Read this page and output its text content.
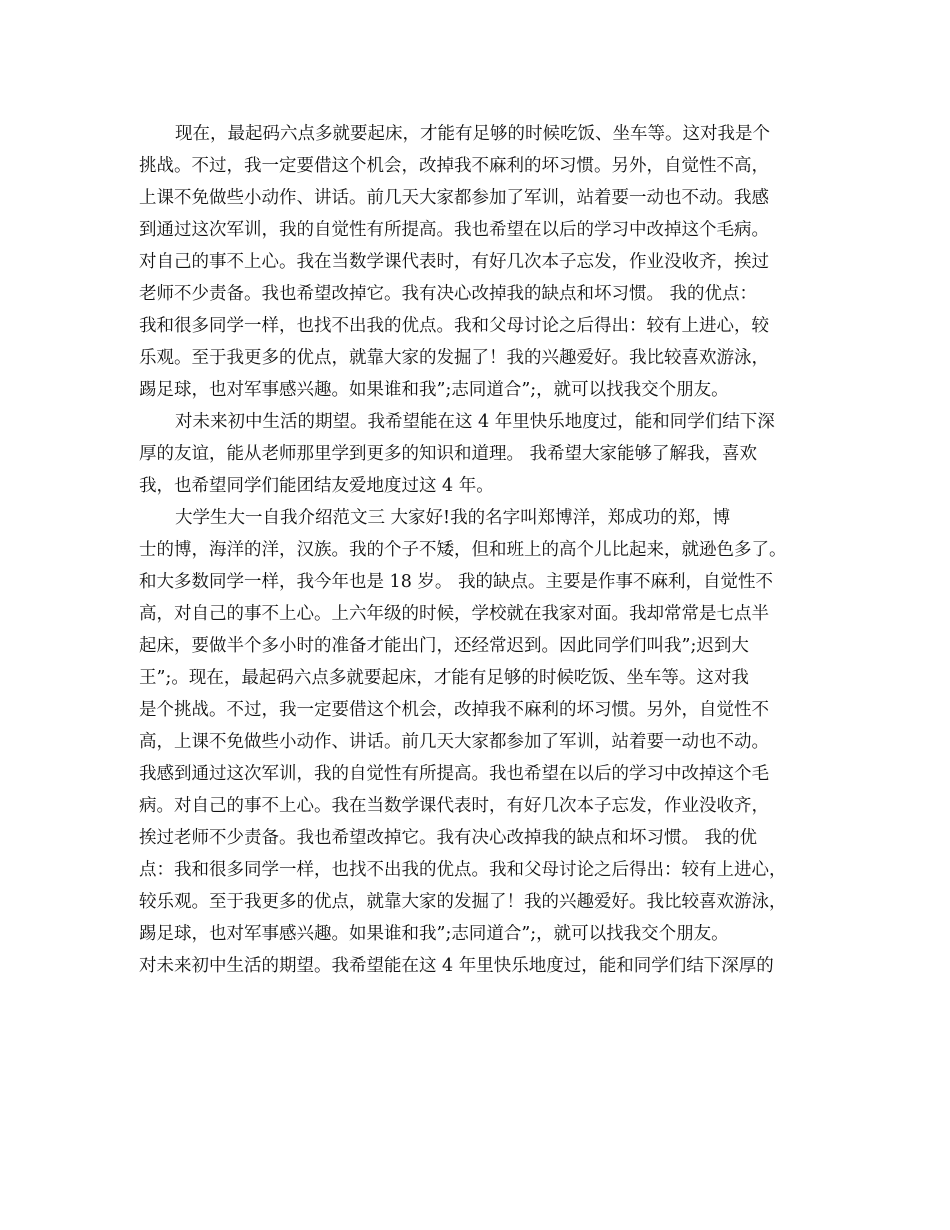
现在，最起码六点多就要起床，才能有足够的时候吃饭、坐车等。这对我是个
挑战。不过，我一定要借这个机会，改掉我不麻利的坏习惯。另外，自觉性不高，
上课不免做些小动作、讲话。前几天大家都参加了军训，站着要一动也不动。我感
到通过这次军训，我的自觉性有所提高。我也希望在以后的学习中改掉这个毛病。
对自己的事不上心。我在当数学课代表时，有好几次本子忘发，作业没收齐，挨过
老师不少责备。我也希望改掉它。我有决心改掉我的缺点和坏习惯。 我的优点：
我和很多同学一样，也找不出我的优点。我和父母讨论之后得出：较有上进心，较
乐观。至于我更多的优点，就靠大家的发掘了！我的兴趣爱好。我比较喜欢游泳，
踢足球，也对军事感兴趣。如果谁和我”;志同道合”;，就可以找我交个朋友。
对未来初中生活的期望。我希望能在这 4 年里快乐地度过，能和同学们结下深
厚的友谊，能从老师那里学到更多的知识和道理。 我希望大家能够了解我，喜欢
我，也希望同学们能团结友爱地度过这 4 年。
大学生大一自我介绍范文三 大家好!我的名字叫郑博洋，郑成功的郑，博
士的博，海洋的洋，汉族。我的个子不矮，但和班上的高个儿比起来，就逊色多了。
和大多数同学一样，我今年也是 18 岁。 我的缺点。主要是作事不麻利，自觉性不
高，对自己的事不上心。上六年级的时候，学校就在我家对面。我却常常是七点半
起床，要做半个多小时的准备才能出门，还经常迟到。因此同学们叫我”;迟到大
王”;。现在，最起码六点多就要起床，才能有足够的时候吃饭、坐车等。这对我
是个挑战。不过，我一定要借这个机会，改掉我不麻利的坏习惯。另外，自觉性不
高，上课不免做些小动作、讲话。前几天大家都参加了军训，站着要一动也不动。
我感到通过这次军训，我的自觉性有所提高。我也希望在以后的学习中改掉这个毛
病。对自己的事不上心。我在当数学课代表时，有好几次本子忘发，作业没收齐，
挨过老师不少责备。我也希望改掉它。我有决心改掉我的缺点和坏习惯。 我的优
点：我和很多同学一样，也找不出我的优点。我和父母讨论之后得出：较有上进心，
较乐观。至于我更多的优点，就靠大家的发掘了！我的兴趣爱好。我比较喜欢游泳，
踢足球，也对军事感兴趣。如果谁和我”;志同道合”;，就可以找我交个朋友。
对未来初中生活的期望。我希望能在这 4 年里快乐地度过，能和同学们结下深厚的
